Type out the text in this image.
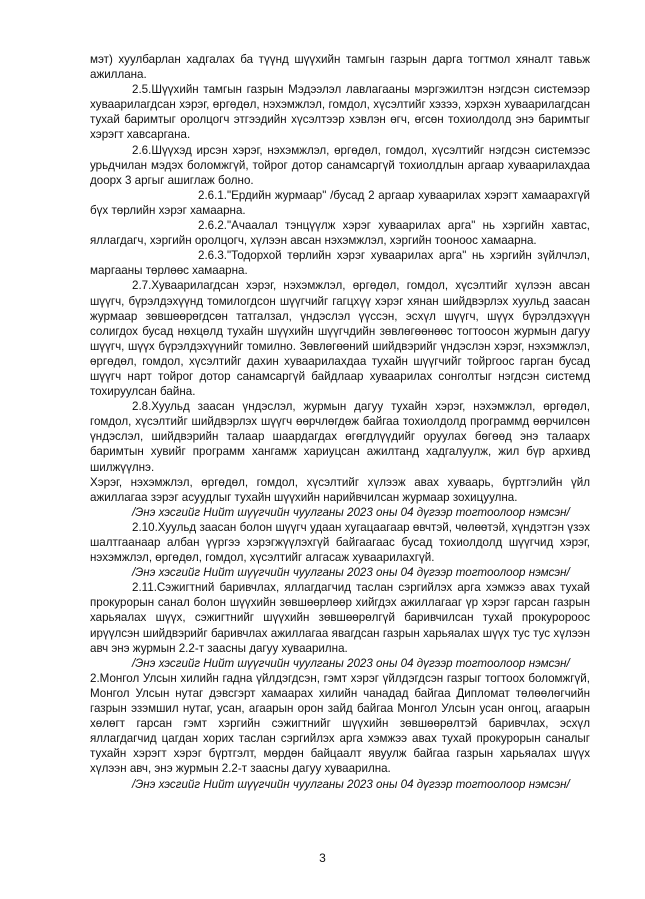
мэт) хуулбарлан хадгалах ба түүнд шүүхийн тамгын газрын дарга тогтмол хяналт тавьж ажиллана.

2.5.Шүүхийн тамгын газрын Мэдээлэл лавлагааны мэргэжилтэн нэгдсэн системээр хуваарилагдсан хэрэг, өргөдөл, нэхэмжлэл, гомдол, хүсэлтийг хэзээ, хэрхэн хуваарилагдсан тухай баримтыг оролцогч этгээдийн хүсэлтээр хэвлэн өгч, өгсөн тохиолдолд энэ баримтыг хэрэгт хавсаргана.

2.6.Шүүхэд ирсэн хэрэг, нэхэмжлэл, өргөдөл, гомдол, хүсэлтийг нэгдсэн системээс урьдчилан мэдэх боломжгүй, тойрог дотор санамсаргүй тохиолдлын аргаар хуваарилахдаа доорх 3 аргыг ашиглаж болно.

2.6.1."Ердийн журмаар" /бусад 2 аргаар хуваарилах хэрэгт хамаарахгүй бүх төрлийн хэрэг хамаарна.

2.6.2."Ачаалал тэнцүүлж хэрэг хуваарилах арга" нь хэргийн хавтас, яллагдагч, хэргийн оролцогч, хүлээн авсан нэхэмжлэл, хэргийн тооноос хамаарна.

2.6.3."Тодорхой төрлийн хэрэг хуваарилах арга" нь хэргийн зүйлчлэл, маргааны төрлөөс хамаарна.

2.7.Хуваарилагдсан хэрэг, нэхэмжлэл, өргөдөл, гомдол, хүсэлтийг хүлээн авсан шүүгч, бүрэлдэхүүнд томилогдсон шүүгчийг гагцхүү хэрэг хянан шийдвэрлэх хуульд заасан журмаар зөвшөөрөгдсөн татгалзал, үндэслэл үүссэн, эсхүл шүүгч, шүүх бүрэлдэхүүн солигдох бусад нөхцөлд тухайн шүүхийн шүүгчдийн зөвлөгөөнөөс тогтоосон журмын дагуу шүүгч, шүүх бүрэлдэхүүнийг томилно. Зөвлөгөөний шийдвэрийг үндэслэн хэрэг, нэхэмжлэл, өргөдөл, гомдол, хүсэлтийг дахин хуваарилахдаа тухайн шүүгчийг тойргоос гарган бусад шүүгч нарт тойрог дотор санамсаргүй байдлаар хуваарилах сонголтыг нэгдсэн системд тохируулсан байна.

2.8.Хуульд заасан үндэслэл, журмын дагуу тухайн хэрэг, нэхэмжлэл, өргөдөл, гомдол, хүсэлтийг шийдвэрлэх шүүгч өөрчлөгдөж байгаа тохиолдолд программд өөрчилсөн үндэслэл, шийдвэрийн талаар шаардагдах өгөгдлүүдийг оруулах бөгөөд энэ талаарх баримтын хувийг программ хангамж хариуцсан ажилтанд хадгалуулж, жил бүр архивд шилжүүлнэ.

Хэрэг, нэхэмжлэл, өргөдөл, гомдол, хүсэлтийг хүлээж авах хуваарь, бүртгэлийн үйл ажиллагаа зэрэг асуудлыг тухайн шүүхийн нарийвчилсан журмаар зохицуулна.

/Энэ хэсгийг Нийт шүүгчийн чуулганы 2023 оны 04 дүгээр тогтоолоор нэмсэн/

2.10.Хуульд заасан болон шүүгч удаан хугацаагаар өвчтэй, чөлөөтэй, хүндэтгэн үзэх шалтгаанаар албан үүргээ хэрэгжүүлэхгүй байгаагаас бусад тохиолдолд шүүгчид хэрэг, нэхэмжлэл, өргөдөл, гомдол, хүсэлтийг алгасаж хуваарилахгүй.

/Энэ хэсгийг Нийт шүүгчийн чуулганы 2023 оны 04 дүгээр тогтоолоор нэмсэн/

2.11.Сэжигтний баривчлах, яллагдагчид таслан сэргийлэх арга хэмжээ авах тухай прокурорын санал болон шүүхийн зөвшөөрлөөр хийгдэх ажиллагааг үр хэрэг гарсан газрын харьяалах шүүх, сэжигтнийг шүүхийн зөвшөөрөлгүй баривчилсан тухай прокуророос ирүүлсэн шийдвэрийг баривчлах ажиллагаа явагдсан газрын харьяалах шүүх тус тус хүлээн авч энэ журмын 2.2-т заасны дагуу хуваарилна.

/Энэ хэсгийг Нийт шүүгчийн чуулганы 2023 оны 04 дүгээр тогтоолоор нэмсэн/

2.Монгол Улсын хилийн гадна үйлдэгдсэн, гэмт хэрэг үйлдэгдсэн газрыг тогтоох боломжгүй, Монгол Улсын нутаг дэвсгэрт хамаарах хилийн чанадад байгаа Дипломат төлөөлөгчийн газрын эзэмшил нутаг, усан, агаарын орон зайд байгаа Монгол Улсын усан онгоц, агаарын хөлөгт гарсан гэмт хэргийн сэжигтнийг шүүхийн зөвшөөрөлтэй баривчлах, эсхүл яллагдагчид цагдан хорих таслан сэргийлэх арга хэмжээ авах тухай прокурорын саналыг тухайн хэрэгт хэрэг бүртгэлт, мөрдөн байцаалт явуулж байгаа газрын харьяалах шүүх хүлээн авч, энэ журмын 2.2-т заасны дагуу хуваарилна.

/Энэ хэсгийг Нийт шүүгчийн чуулганы 2023 оны 04 дүгээр тогтоолоор нэмсэн/

3
